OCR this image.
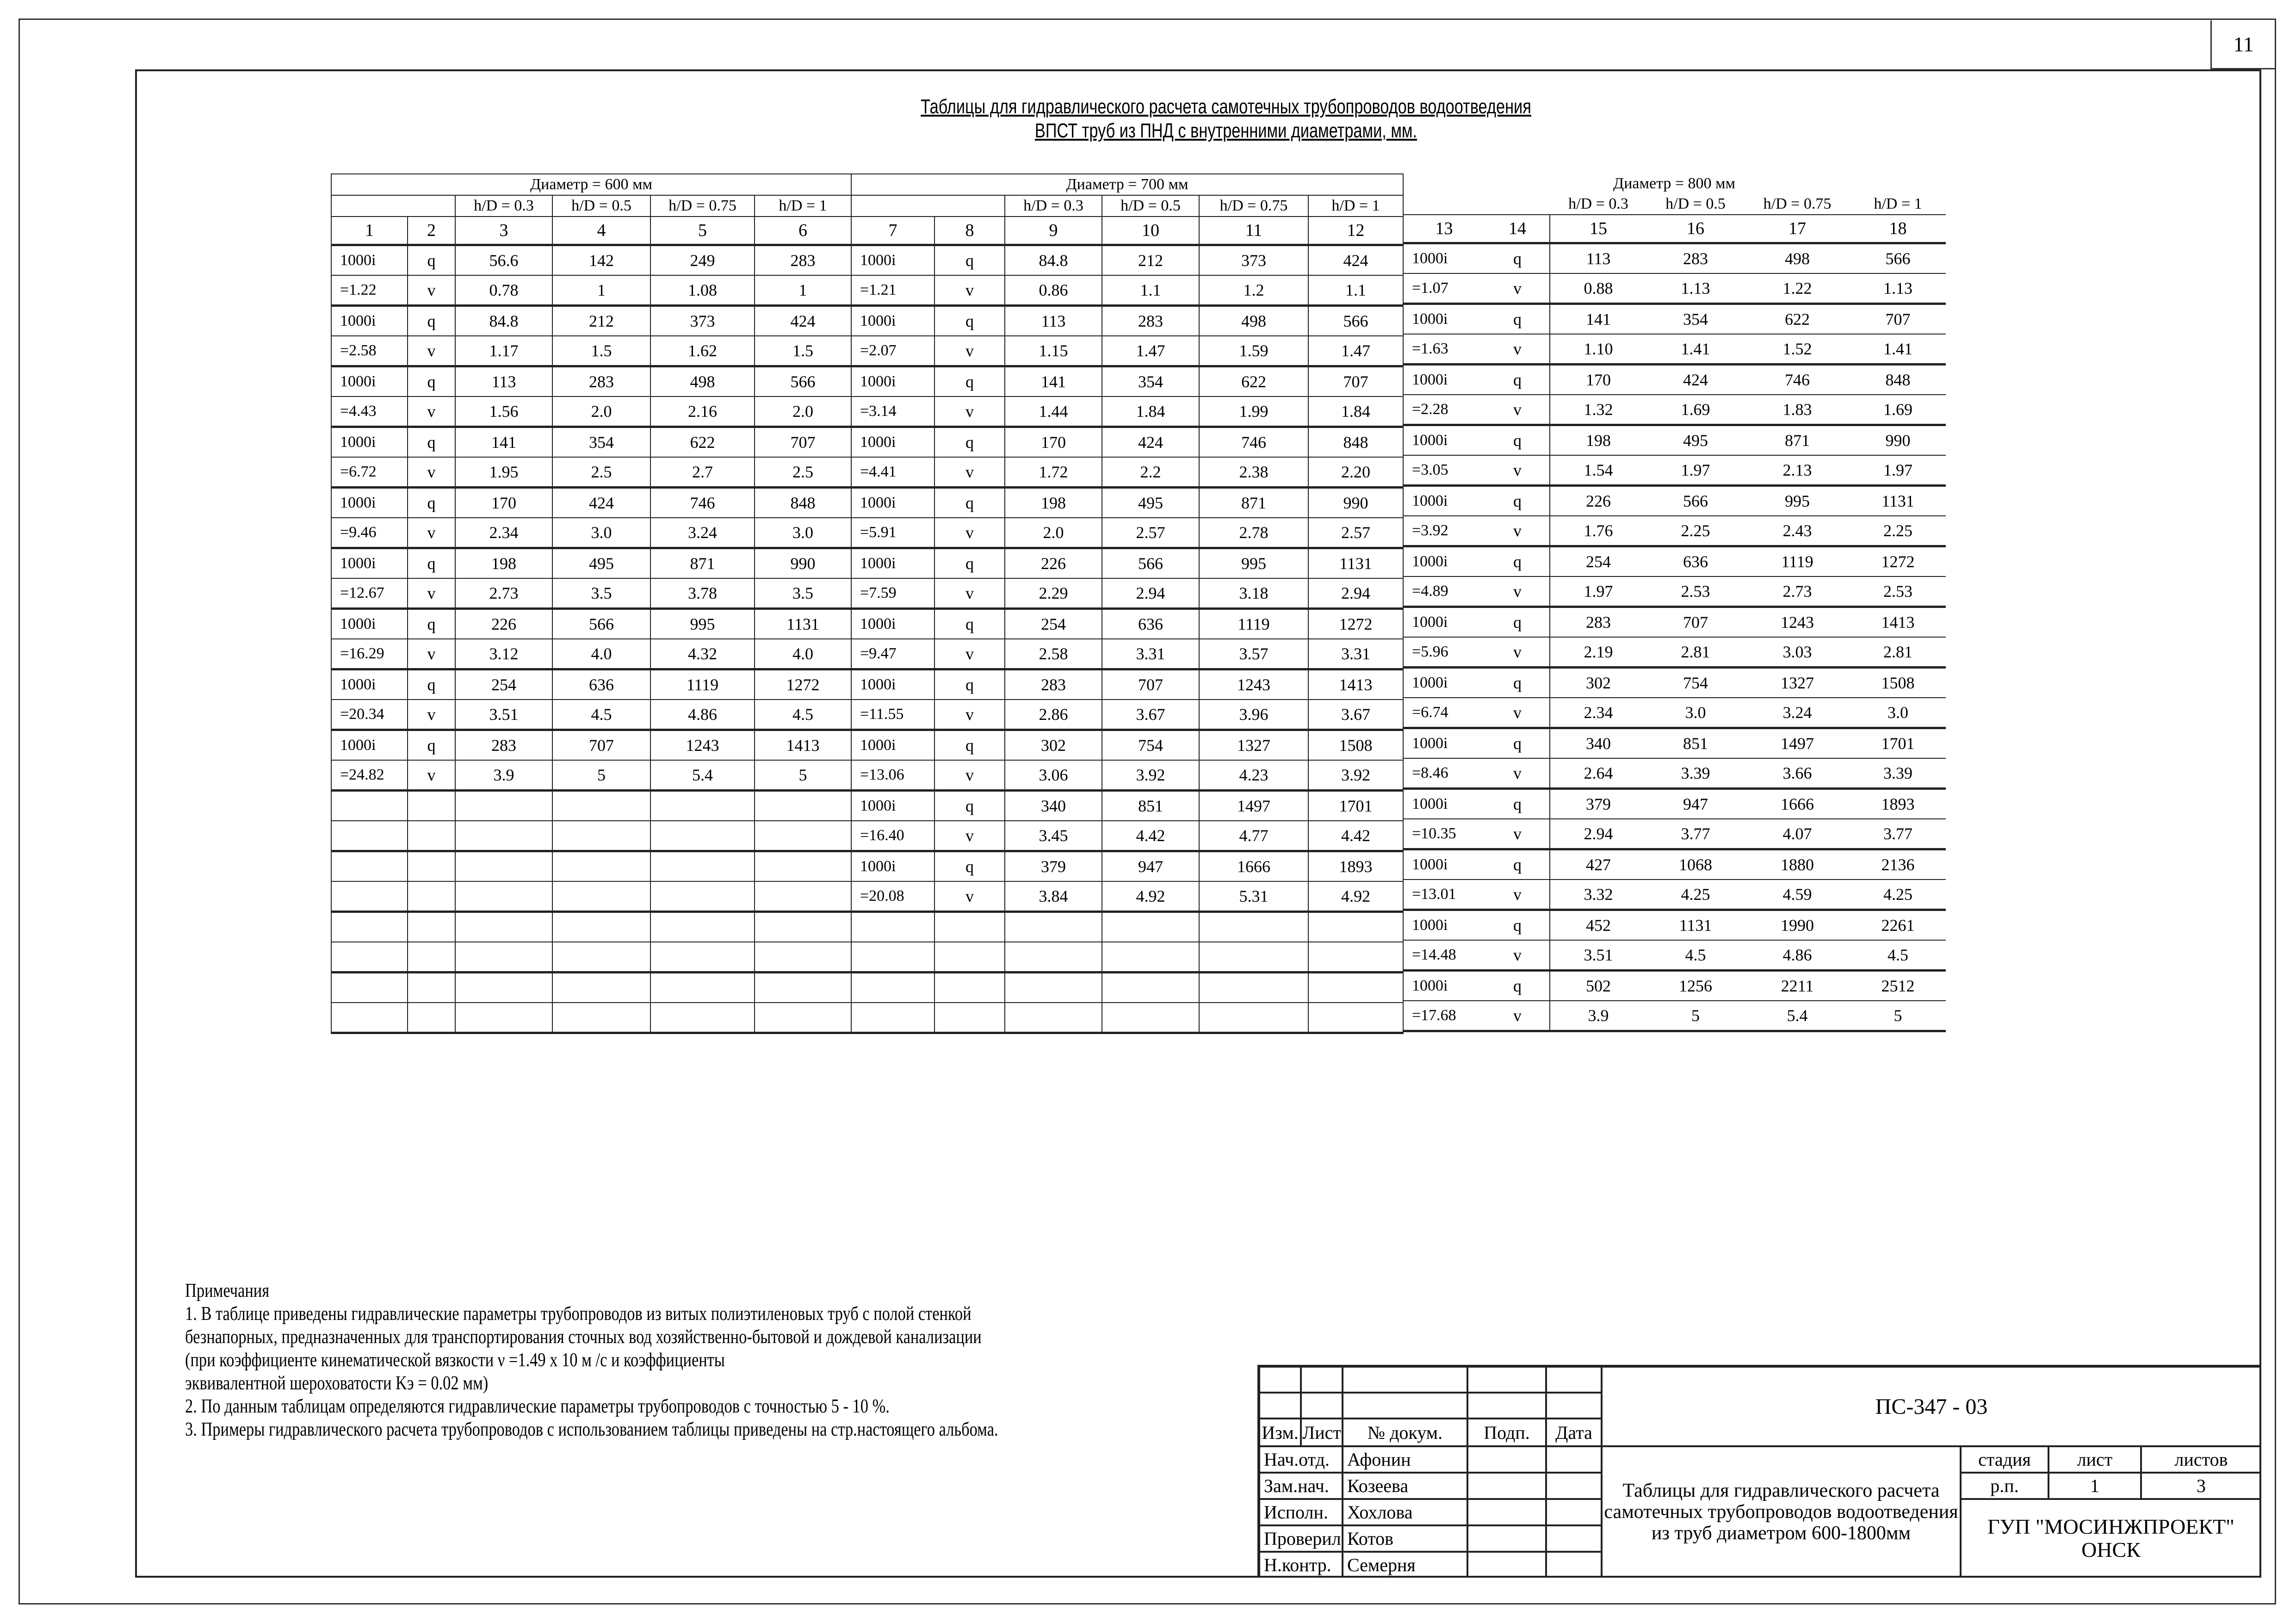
11
Таблицы для гидравлического расчета самотечных трубопроводов водоотведения
ВПСТ труб из ПНД с внутренними диаметрами, мм.
Диаметр = 600 мм					
		h/D = 0.3	h/D = 0.5	h/D = 0.75	h/D = 1
1	2	3	4	5	6
1000i	q	56.6	142	249	283
=1.22	v	0.78	1	1.08	1
1000i	q	84.8	212	373	424
=2.58	v	1.17	1.5	1.62	1.5
1000i	q	113	283	498	566
=4.43	v	1.56	2.0	2.16	2.0
1000i	q	141	354	622	707
=6.72	v	1.95	2.5	2.7	2.5
1000i	q	170	424	746	848
=9.46	v	2.34	3.0	3.24	3.0
1000i	q	198	495	871	990
=12.67	v	2.73	3.5	3.78	3.5
1000i	q	226	566	995	1131
=16.29	v	3.12	4.0	4.32	4.0
1000i	q	254	636	1119	1272
=20.34	v	3.51	4.5	4.86	4.5
1000i	q	283	707	1243	1413
=24.82	v	3.9	5	5.4	5

Диаметр = 700 мм					
		h/D = 0.3	h/D = 0.5	h/D = 0.75	h/D = 1
7	8	9	10	11	12
1000i	q	84.8	212	373	424
=1.21	v	0.86	1.1	1.2	1.1
1000i	q	113	283	498	566
=2.07	v	1.15	1.47	1.59	1.47
1000i	q	141	354	622	707
=3.14	v	1.44	1.84	1.99	1.84
1000i	q	170	424	746	848
=4.41	v	1.72	2.2	2.38	2.20
1000i	q	198	495	871	990
=5.91	v	2.0	2.57	2.78	2.57
1000i	q	226	566	995	1131
=7.59	v	2.29	2.94	3.18	2.94
1000i	q	254	636	1119	1272
=9.47	v	2.58	3.31	3.57	3.31
1000i	q	283	707	1243	1413
=11.55	v	2.86	3.67	3.96	3.67
1000i	q	302	754	1327	1508
=13.06	v	3.06	3.92	4.23	3.92
1000i	q	340	851	1497	1701
=16.40	v	3.45	4.42	4.77	4.42
1000i	q	379	947	1666	1893
=20.08	v	3.84	4.92	5.31	4.92

Диаметр = 800 мм					
		h/D = 0.3	h/D = 0.5	h/D = 0.75	h/D = 1
13	14	15	16	17	18
1000i	q	113	283	498	566
=1.07	v	0.88	1.13	1.22	1.13
1000i	q	141	354	622	707
=1.63	v	1.10	1.41	1.52	1.41
1000i	q	170	424	746	848
=2.28	v	1.32	1.69	1.83	1.69
1000i	q	198	495	871	990
=3.05	v	1.54	1.97	2.13	1.97
1000i	q	226	566	995	1131
=3.92	v	1.76	2.25	2.43	2.25
1000i	q	254	636	1119	1272
=4.89	v	1.97	2.53	2.73	2.53
1000i	q	283	707	1243	1413
=5.96	v	2.19	2.81	3.03	2.81
1000i	q	302	754	1327	1508
=6.74	v	2.34	3.0	3.24	3.0
1000i	q	340	851	1497	1701
=8.46	v	2.64	3.39	3.66	3.39
1000i	q	379	947	1666	1893
=10.35	v	2.94	3.77	4.07	3.77
1000i	q	427	1068	1880	2136
=13.01	v	3.32	4.25	4.59	4.25
1000i	q	452	1131	1990	2261
=14.48	v	3.51	4.5	4.86	4.5
1000i	q	502	1256	2211	2512
=17.68	v	3.9	5	5.4	5
Примечания
1. В таблице приведены гидравлические параметры трубопроводов из витых полиэтиленовых труб с полой стенкой
безнапорных, предназначенных для транспортирования сточных вод хозяйственно-бытовой и дождевой канализации
(при коэффициенте кинематической вязкости ν =1.49 х 10 м /с и коэффициенты
эквивалентной шероховатости Kэ = 0.02 мм)
2. По данным таблицам определяются гидравлические параметры трубопроводов с точностью 5 - 10 %.
3. Примеры гидравлического расчета трубопроводов с использованием таблицы приведены на стр.настоящего альбома.	Изм. Лист	№ докум.	Подп.	Дата
Нач.отд. Афонин
Зам.нач. Козеева
Исполн.	Хохлова
Проверил Котов
Н.контр. Семерня
ПС-347 - 03
Таблицы для гидравлического расчета
самотечных трубопроводов водоотведения
из труб диаметром 600-1800мм
стадия	лист	листов
р.п.	1	3
ГУП "МОСИНЖПРОЕКТ"
ОНСК
